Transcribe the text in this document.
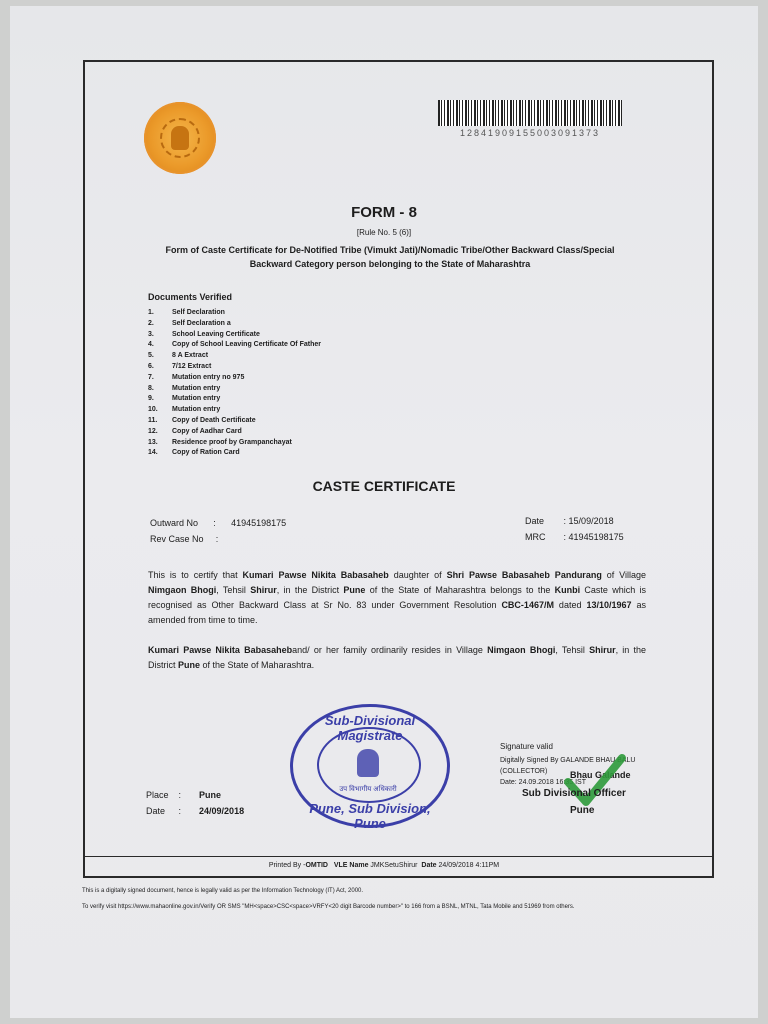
12841909155003091373
FORM - 8
[Rule No. 5 (6)]
Form of Caste Certificate for De-Notified Tribe (Vimukt Jati)/Nomadic Tribe/Other Backward Class/Special Backward Category person belonging to the State of Maharashtra
Documents Verified
1.	Self Declaration
2.	Self Declaration a
3.	School Leaving Certificate
4.	Copy of School Leaving Certificate Of Father
5.	8 A Extract
6.	7/12 Extract
7.	Mutation entry no 975
8.	Mutation entry
9.	Mutation entry
10. Mutation entry
11. Copy of Death Certificate
12. Copy of Aadhar Card
13. Residence proof by Grampanchayat
14. Copy of Ration Card
CASTE CERTIFICATE
Outward No : 41945198175
Rev Case No :
Date : 15/09/2018
MRC : 41945198175
This is to certify that Kumari Pawse Nikita Babasaheb daughter of Shri Pawse Babasaheb Pandurang of Village Nimgaon Bhogi, Tehsil Shirur, in the District Pune of the State of Maharashtra belongs to the Kunbi Caste which is recognised as Other Backward Class at Sr No. 83 under Government Resolution CBC-1467/M dated 13/10/1967 as amended from time to time.
Kumari Pawse Nikita Babasaheband/ or her family ordinarily resides in Village Nimgaon Bhogi, Tehsil Shirur, in the District Pune of the State of Maharashtra.
Sub-Divisional Magistrate
उप विभागीय अधिकारी
Pune, Sub Division, Pune
Signature valid
Digitally Signed By GALANDE BHAU BALU
(COLLECTOR)
Date: 24.09.2018 16:35 IST
Bhau Galande
Sub Divisional Officer
Pune
Place : Pune
Date : 24/09/2018
Printed By -OMTID VLE Name JMKSetuShirur Date 24/09/2018 4:11PM
This is a digitally signed document, hence is legally valid as per the Information Technology (IT) Act, 2000.
To verify visit https://www.mahaonline.gov.in/Verify OR SMS "MH<space>CSC<space>VRFY<20 digit Barcode number>" to 166 from a BSNL, MTNL, Tata Mobile and 51969 from others.
